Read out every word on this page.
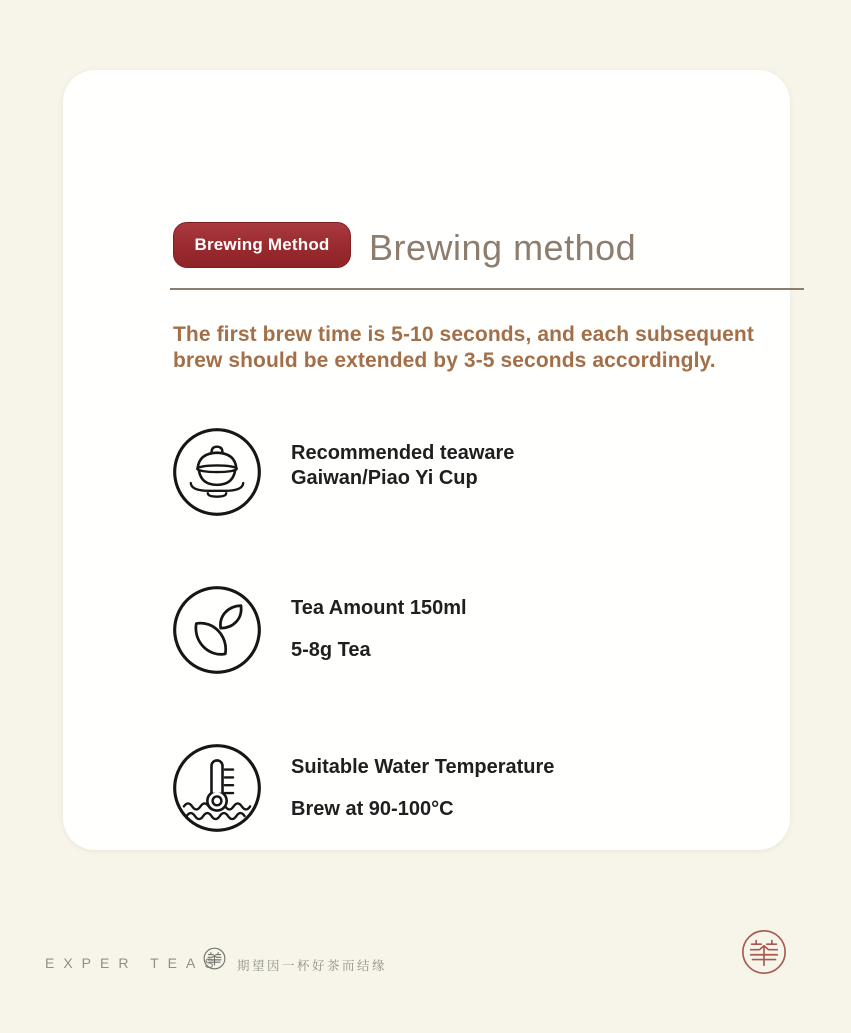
Brewing Method	Brewing method

The first brew time is 5-10 seconds, and each subsequent brew should be extended by 3-5 seconds accordingly.

Recommended teaware
Gaiwan/Piao Yi Cup
Tea Amount 150ml
5-8g Tea
Suitable Water Temperature
Brew at 90-100°C
EXPER TEAS 期望因一杯好茶而结缘
